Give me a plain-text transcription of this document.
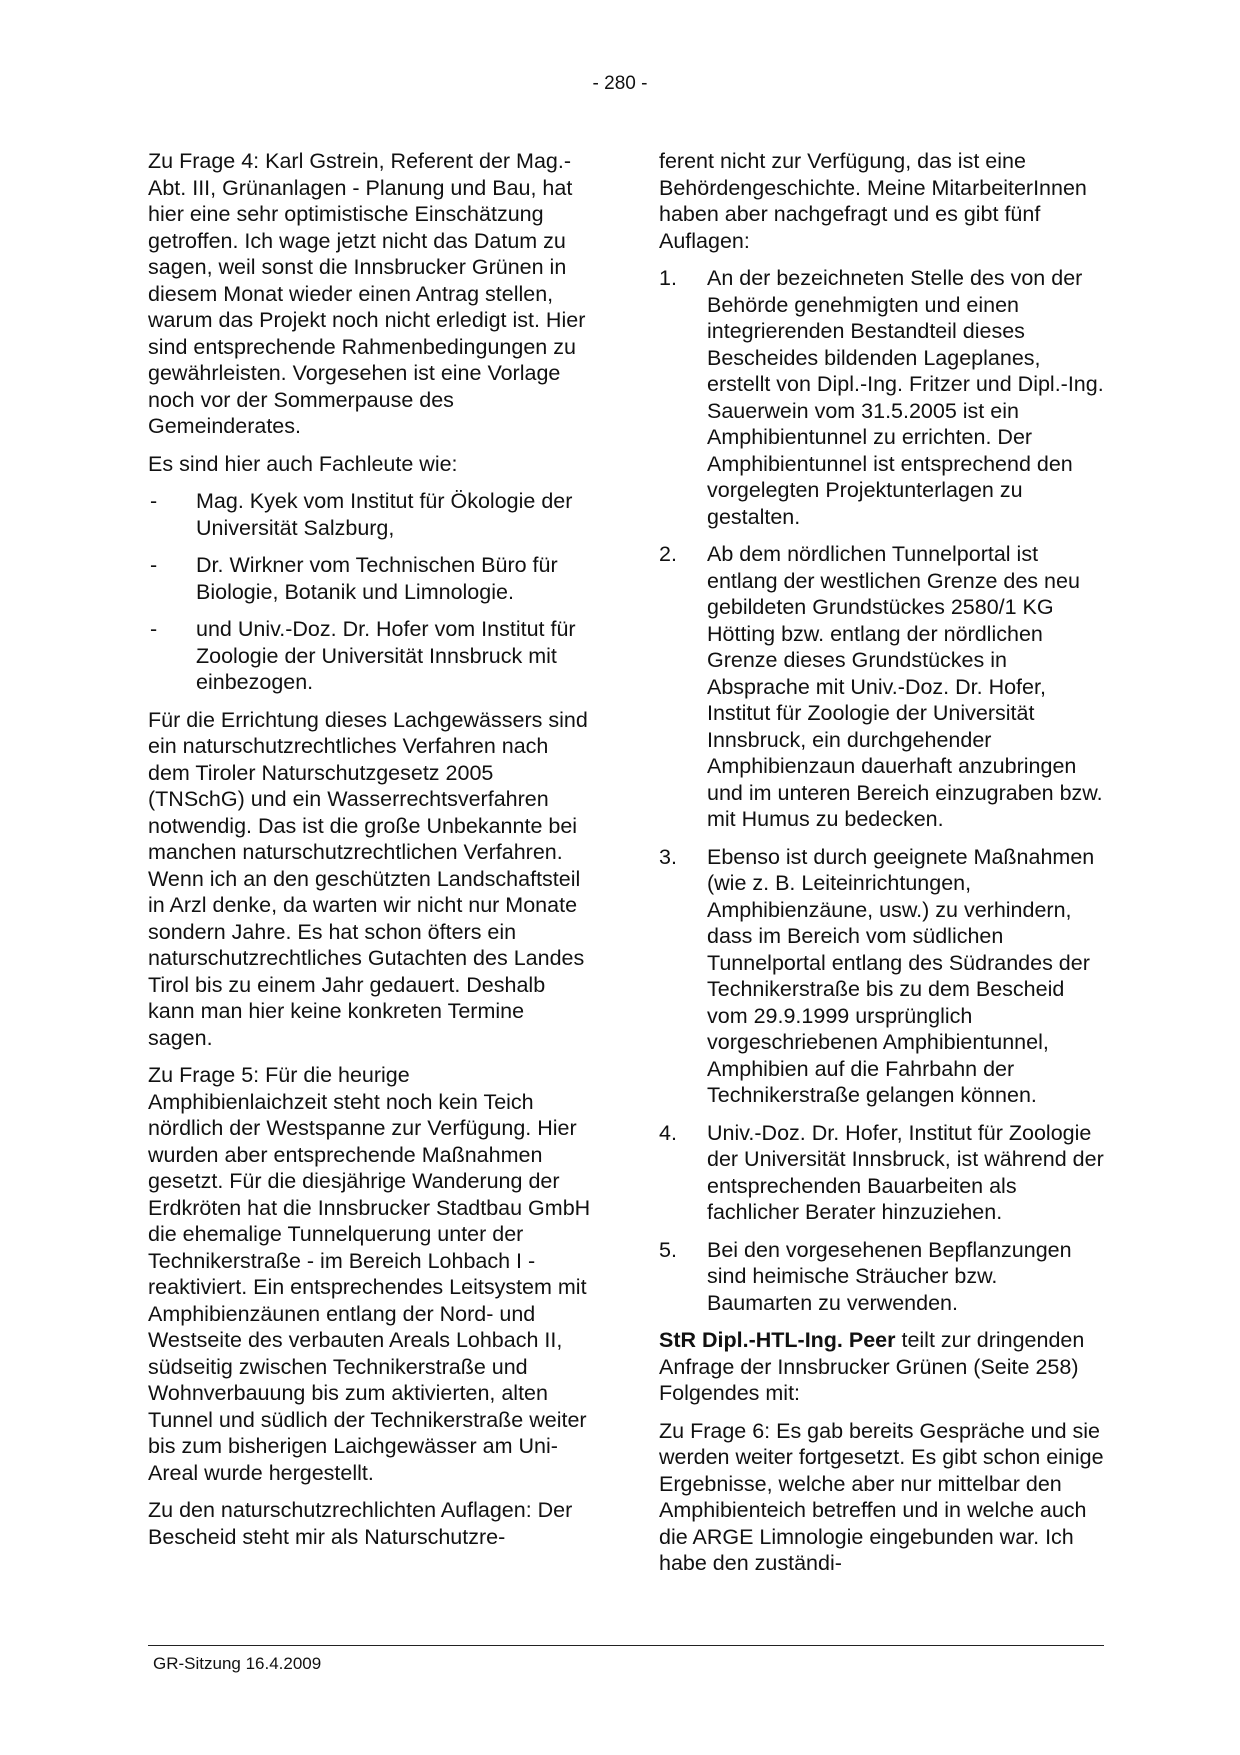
- 280 -

Zu Frage 4: Karl Gstrein, Referent der Mag.-Abt. III, Grünanlagen - Planung und Bau, hat hier eine sehr optimistische Einschätzung getroffen. Ich wage jetzt nicht das Datum zu sagen, weil sonst die Innsbrucker Grünen in diesem Monat wieder einen Antrag stellen, warum das Projekt noch nicht erledigt ist. Hier sind entsprechende Rahmenbedingungen zu gewährleisten. Vorgesehen ist eine Vorlage noch vor der Sommerpause des Gemeinderates.

Es sind hier auch Fachleute wie:

- Mag. Kyek vom Institut für Ökologie der Universität Salzburg,
- Dr. Wirkner vom Technischen Büro für Biologie, Botanik und Limnologie.
- und Univ.-Doz. Dr. Hofer vom Institut für Zoologie der Universität Innsbruck mit einbezogen.

Für die Errichtung dieses Lachgewässers sind ein naturschutzrechtliches Verfahren nach dem Tiroler Naturschutzgesetz 2005 (TNSchG) und ein Wasserrechtsverfahren notwendig. Das ist die große Unbekannte bei manchen naturschutzrechtlichen Verfahren. Wenn ich an den geschützten Landschaftsteil in Arzl denke, da warten wir nicht nur Monate sondern Jahre. Es hat schon öfters ein naturschutzrechtliches Gutachten des Landes Tirol bis zu einem Jahr gedauert. Deshalb kann man hier keine konkreten Termine sagen.

Zu Frage 5: Für die heurige Amphibienlaichzeit steht noch kein Teich nördlich der Westspanne zur Verfügung. Hier wurden aber entsprechende Maßnahmen gesetzt. Für die diesjährige Wanderung der Erdkröten hat die Innsbrucker Stadtbau GmbH die ehemalige Tunnelquerung unter der Technikerstraße - im Bereich Lohbach I - reaktiviert. Ein entsprechendes Leitsystem mit Amphibienzäunen entlang der Nord- und Westseite des verbauten Areals Lohbach II, südseitig zwischen Technikerstraße und Wohnverbauung bis zum aktivierten, alten Tunnel und südlich der Technikerstraße weiter bis zum bisherigen Laichgewässer am Uni-Areal wurde hergestellt.

Zu den naturschutzrechlichten Auflagen: Der Bescheid steht mir als Naturschutzre-

ferent nicht zur Verfügung, das ist eine Behördengeschichte. Meine MitarbeiterInnen haben aber nachgefragt und es gibt fünf Auflagen:

1. An der bezeichneten Stelle des von der Behörde genehmigten und einen integrierenden Bestandteil dieses Bescheides bildenden Lageplanes, erstellt von Dipl.-Ing. Fritzer und Dipl.-Ing. Sauerwein vom 31.5.2005 ist ein Amphibientunnel zu errichten. Der Amphibientunnel ist entsprechend den vorgelegten Projektunterlagen zu gestalten.
2. Ab dem nördlichen Tunnelportal ist entlang der westlichen Grenze des neu gebildeten Grundstückes 2580/1 KG Hötting bzw. entlang der nördlichen Grenze dieses Grundstückes in Absprache mit Univ.-Doz. Dr. Hofer, Institut für Zoologie der Universität Innsbruck, ein durchgehender Amphibienzaun dauerhaft anzubringen und im unteren Bereich einzugraben bzw. mit Humus zu bedecken.
3. Ebenso ist durch geeignete Maßnahmen (wie z. B. Leiteinrichtungen, Amphibienzäune, usw.) zu verhindern, dass im Bereich vom südlichen Tunnelportal entlang des Südrandes der Technikerstraße bis zu dem Bescheid vom 29.9.1999 ursprünglich vorgeschriebenen Amphibientunnel, Amphibien auf die Fahrbahn der Technikerstraße gelangen können.
4. Univ.-Doz. Dr. Hofer, Institut für Zoologie der Universität Innsbruck, ist während der entsprechenden Bauarbeiten als fachlicher Berater hinzuziehen.
5. Bei den vorgesehenen Bepflanzungen sind heimische Sträucher bzw. Baumarten zu verwenden.

StR Dipl.-HTL-Ing. Peer teilt zur dringenden Anfrage der Innsbrucker Grünen (Seite 258) Folgendes mit:

Zu Frage 6: Es gab bereits Gespräche und sie werden weiter fortgesetzt. Es gibt schon einige Ergebnisse, welche aber nur mittelbar den Amphibienteich betreffen und in welche auch die ARGE Limnologie eingebunden war. Ich habe den zuständi-

GR-Sitzung 16.4.2009
